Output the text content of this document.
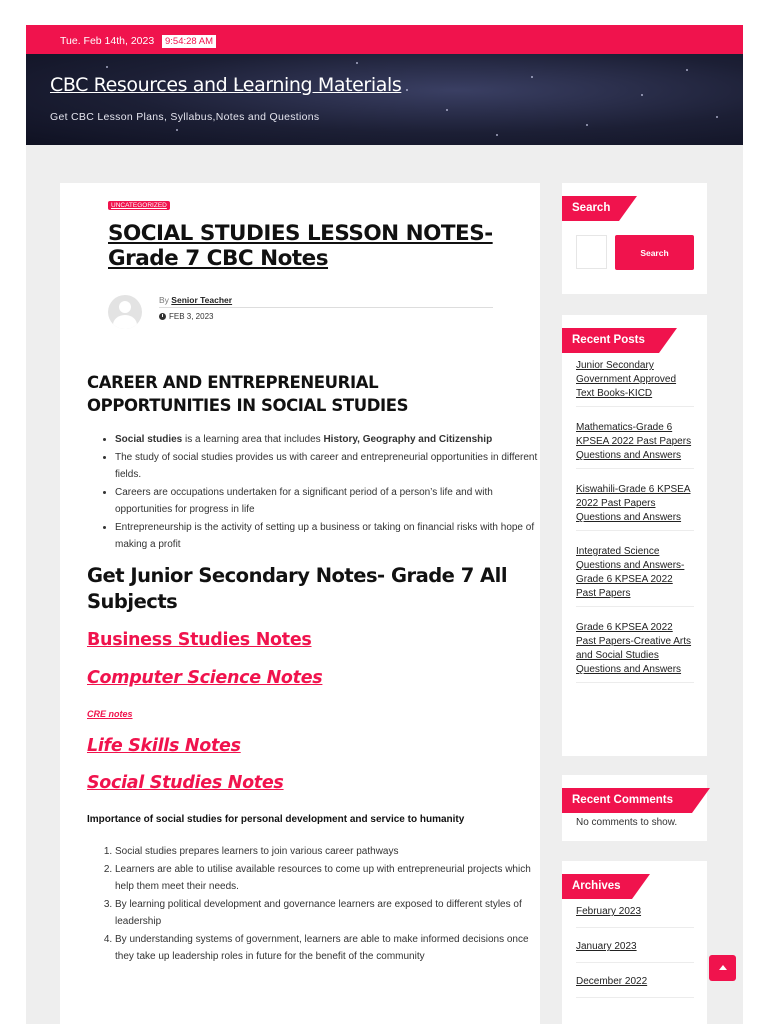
Tue. Feb 14th, 2023	9:54:28 AM
CBC Resources and Learning Materials
Get CBC Lesson Plans, Syllabus,Notes and Questions
UNCATEGORIZED
SOCIAL STUDIES LESSON NOTES- Grade 7 CBC Notes
By Senior Teacher
FEB 3, 2023
CAREER AND ENTREPRENEURIAL OPPORTUNITIES IN SOCIAL STUDIES
• Social studies is a learning area that includes History, Geography and Citizenship
• The study of social studies provides us with career and entrepreneurial opportunities in different fields.
• Careers are occupations undertaken for a significant period of a person’s life and with opportunities for progress in life
• Entrepreneurship is the activity of setting up a business or taking on financial risks with hope of making a profit
Get Junior Secondary Notes- Grade 7 All Subjects
Business Studies Notes
Computer Science Notes
CRE notes
Life Skills Notes
Social Studies Notes
Importance of social studies for personal development and service to humanity
1. Social studies prepares learners to join various career pathways
2. Learners are able to utilise available resources to come up with entrepreneurial projects which help them meet their needs.
3. By learning political development and governance learners are exposed to different styles of leadership
4. By understanding systems of government, learners are able to make informed decisions once they take up leadership roles in future for the benefit of the community
Search
Search
Recent Posts
Junior Secondary Government Approved Text Books-KICD
Mathematics-Grade 6 KPSEA 2022 Past Papers Questions and Answers
Kiswahili-Grade 6 KPSEA 2022 Past Papers Questions and Answers
Integrated Science Questions and Answers-Grade 6 KPSEA 2022 Past Papers
Grade 6 KPSEA 2022 Past Papers-Creative Arts and Social Studies Questions and Answers
Recent Comments
No comments to show.
Archives
February 2023
January 2023
December 2022
